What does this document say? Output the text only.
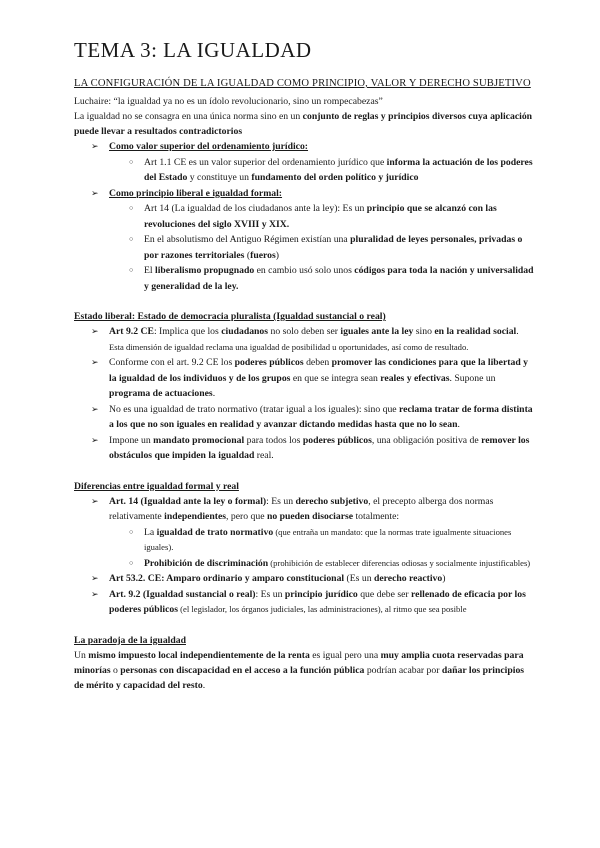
TEMA 3: LA IGUALDAD
LA CONFIGURACIÓN DE LA IGUALDAD COMO PRINCIPIO, VALOR Y DERECHO SUBJETIVO

Luchaire: “la igualdad ya no es un ídolo revolucionario, sino un rompecabezas”

La igualdad no se consagra en una única norma sino en un conjunto de reglas y principios diversos cuya aplicación puede llevar a resultados contradictorios

➢ Como valor superior del ordenamiento jurídico:
○ Art 1.1 CE es un valor superior del ordenamiento jurídico que informa la actuación de los poderes del Estado y constituye un fundamento del orden político y jurídico
➢ Como principio liberal e igualdad formal:
○ Art 14 (La igualdad de los ciudadanos ante la ley): Es un principio que se alcanzó con las revoluciones del siglo XVIII y XIX.
○ En el absolutismo del Antiguo Régimen existían una pluralidad de leyes personales, privadas o por razones territoriales (fueros)
○ El liberalismo propugnado en cambio usó solo unos códigos para toda la nación y universalidad y generalidad de la ley.
Estado liberal: Estado de democracia pluralista (Igualdad sustancial o real)
➢ Art 9.2 CE: Implica que los ciudadanos no solo deben ser iguales ante la ley sino en la realidad social.
Esta dimensión de igualdad reclama una igualdad de posibilidad u oportunidades, así como de resultado.
➢ Conforme con el art. 9.2 CE los poderes públicos deben promover las condiciones para que la libertad y la igualdad de los individuos y de los grupos en que se integra sean reales y efectivas. Supone un programa de actuaciones.
➢ No es una igualdad de trato normativo (tratar igual a los iguales): sino que reclama tratar de forma distinta a los que no son iguales en realidad y avanzar dictando medidas hasta que no lo sean.
➢ Impone un mandato promocional para todos los poderes públicos, una obligación positiva de remover los obstáculos que impiden la igualdad real.
Diferencias entre igualdad formal y real
➢ Art. 14 (Igualdad ante la ley o formal): Es un derecho subjetivo, el precepto alberga dos normas relativamente independientes, pero que no pueden disociarse totalmente:
○ La igualdad de trato normativo (que entraña un mandato: que la normas trate igualmente situaciones iguales).
○ Prohibición de discriminación (prohibición de establecer diferencias odiosas y socialmente injustificables)
➢ Art 53.2. CE: Amparo ordinario y amparo constitucional (Es un derecho reactivo)
➢ Art. 9.2 (Igualdad sustancial o real): Es un principio jurídico que debe ser rellenado de eficacia por los poderes públicos (el legislador, los órganos judiciales, las administraciones), al ritmo que sea posible
La paradoja de la igualdad

Un mismo impuesto local independientemente de la renta es igual pero una muy amplia cuota reservadas para minorías o personas con discapacidad en el acceso a la función pública podrían acabar por dañar los principios de mérito y capacidad del resto.
